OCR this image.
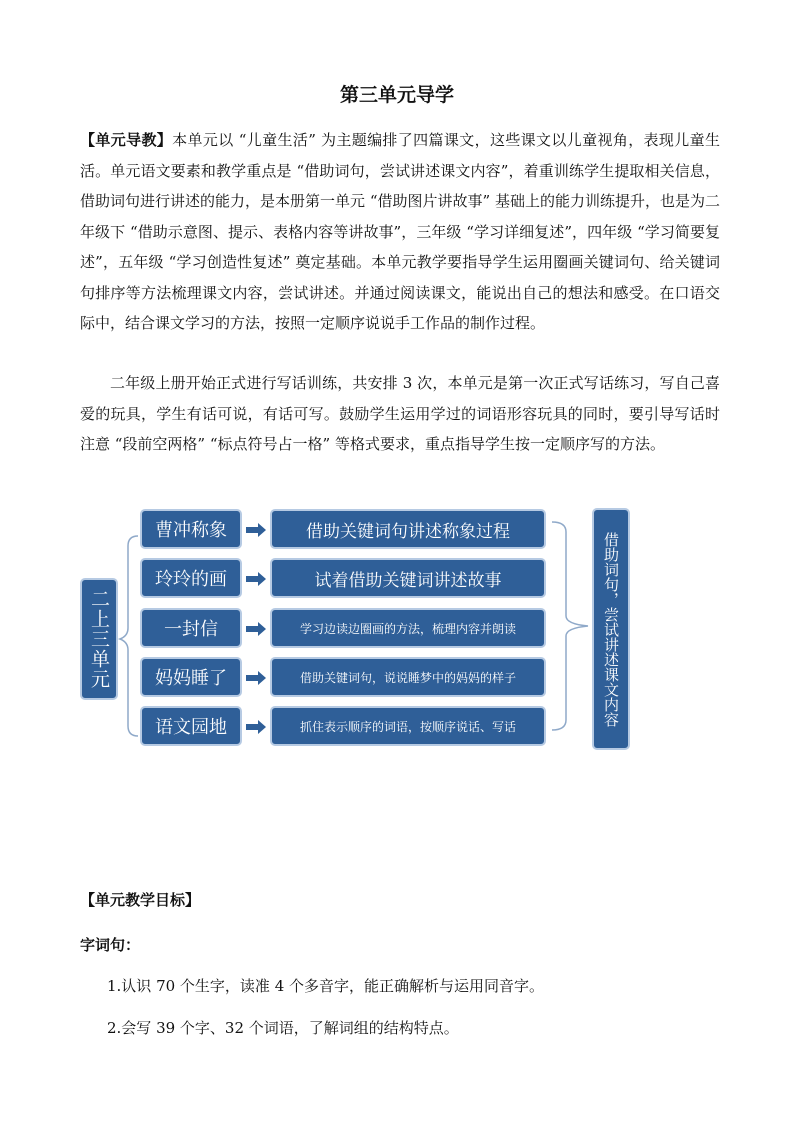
第三单元导学

【单元导教】本单元以 “儿童生活” 为主题编排了四篇课文，这些课文以儿童视角，表现儿童生活。单元语文要素和教学重点是 “借助词句，尝试讲述课文内容”，着重训练学生提取相关信息，借助词句进行讲述的能力，是本册第一单元 “借助图片讲故事” 基础上的能力训练提升，也是为二年级下 “借助示意图、提示、表格内容等讲故事”，三年级 “学习详细复述”，四年级 “学习简要复述”，五年级 “学习创造性复述” 奠定基础。本单元教学要指导学生运用圈画关键词句、给关键词句排序等方法梳理课文内容，尝试讲述。并通过阅读课文，能说出自己的想法和感受。在口语交际中，结合课文学习的方法，按照一定顺序说说手工作品的制作过程。

二年级上册开始正式进行写话训练，共安排 3 次，本单元是第一次正式写话练习，写自己喜爱的玩具，学生有话可说，有话可写。鼓励学生运用学过的词语形容玩具的同时，要引导写话时注意 “段前空两格” “标点符号占一格” 等格式要求，重点指导学生按一定顺序写的方法。

二上三单元
曹冲称象	借助关键词句讲述称象过程
玲玲的画	试着借助关键词讲述故事
一封信	学习边读边圈画的方法，梳理内容并朗读
妈妈睡了	借助关键词句，说说睡梦中的妈妈的样子
语文园地	抓住表示顺序的词语，按顺序说话、写话	借助词句，尝试讲述课文内容
【单元教学目标】
字词句：
1.认识 70 个生字，读准 4 个多音字，能正确解析与运用同音字。
2.会写 39 个字、32 个词语，了解词组的结构特点。
